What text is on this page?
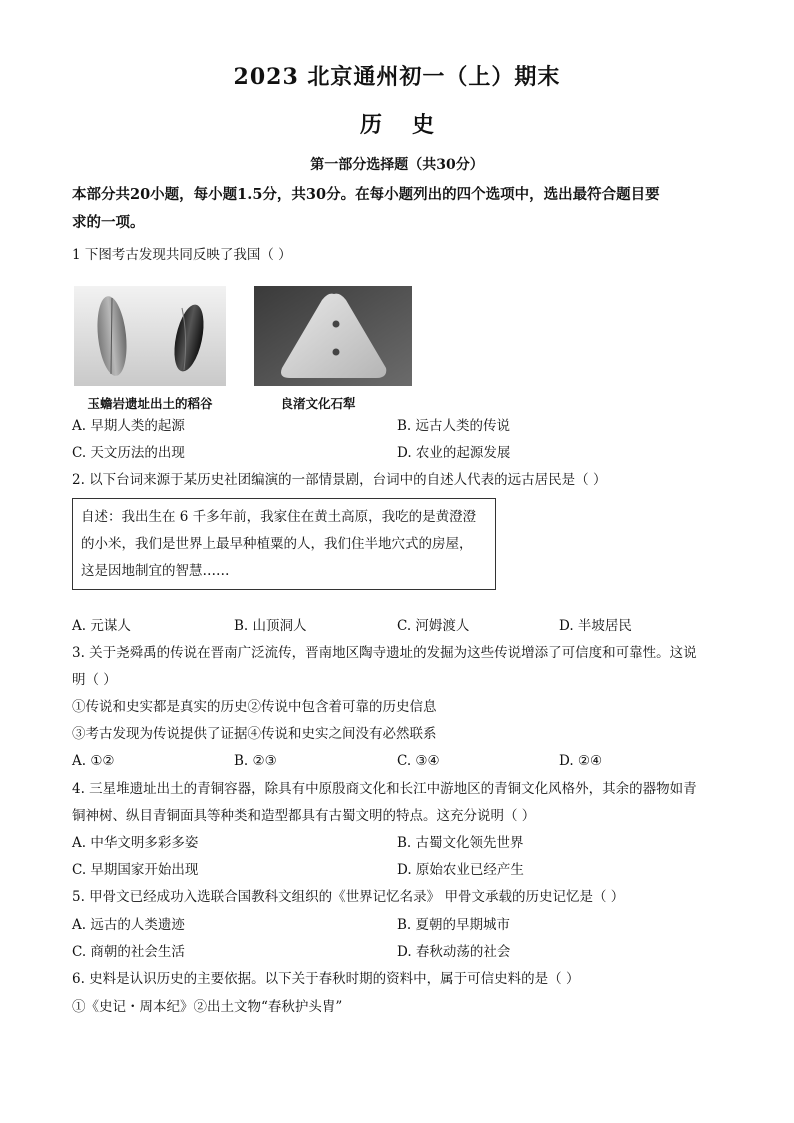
2023 北京通州初一（上）期末
历史
第一部分选择题（共30分）
本部分共20小题，每小题1.5分，共30分。在每小题列出的四个选项中，选出最符合题目要
求的一项。
1 下图考古发现共同反映了我国（ ）
玉蟾岩遗址出土的稻谷	良渚文化石犁
A. 早期人类的起源	B. 远古人类的传说
C. 天文历法的出现	D. 农业的起源发展
2. 以下台词来源于某历史社团编演的一部情景剧，台词中的自述人代表的远古居民是（ ）
自述：我出生在 6 千多年前，我家住在黄土高原，我吃的是黄澄澄
的小米，我们是世界上最早种植粟的人，我们住半地穴式的房屋，
这是因地制宜的智慧……
A. 元谋人	B. 山顶洞人	C. 河姆渡人	D. 半坡居民
3. 关于尧舜禹的传说在晋南广泛流传，晋南地区陶寺遗址的发掘为这些传说增添了可信度和可靠性。这说
明（ ）
①传说和史实都是真实的历史②传说中包含着可靠的历史信息
③考古发现为传说提供了证据④传说和史实之间没有必然联系
A. ①②	B. ②③	C. ③④	D. ②④
4. 三星堆遗址出土的青铜容器，除具有中原殷商文化和长江中游地区的青铜文化风格外，其余的器物如青
铜神树、纵目青铜面具等种类和造型都具有古蜀文明的特点。这充分说明（ ）
A. 中华文明多彩多姿	B. 古蜀文化领先世界
C. 早期国家开始出现	D. 原始农业已经产生
5. 甲骨文已经成功入选联合国教科文组织的《世界记忆名录》 甲骨文承载的历史记忆是（ ）
A. 远古的人类遗迹	B. 夏朝的早期城市
C. 商朝的社会生活	D. 春秋动荡的社会
6. 史料是认识历史的主要依据。以下关于春秋时期的资料中，属于可信史料的是（ ）
①《史记・周本纪》②出土文物“春秋护头胄”
